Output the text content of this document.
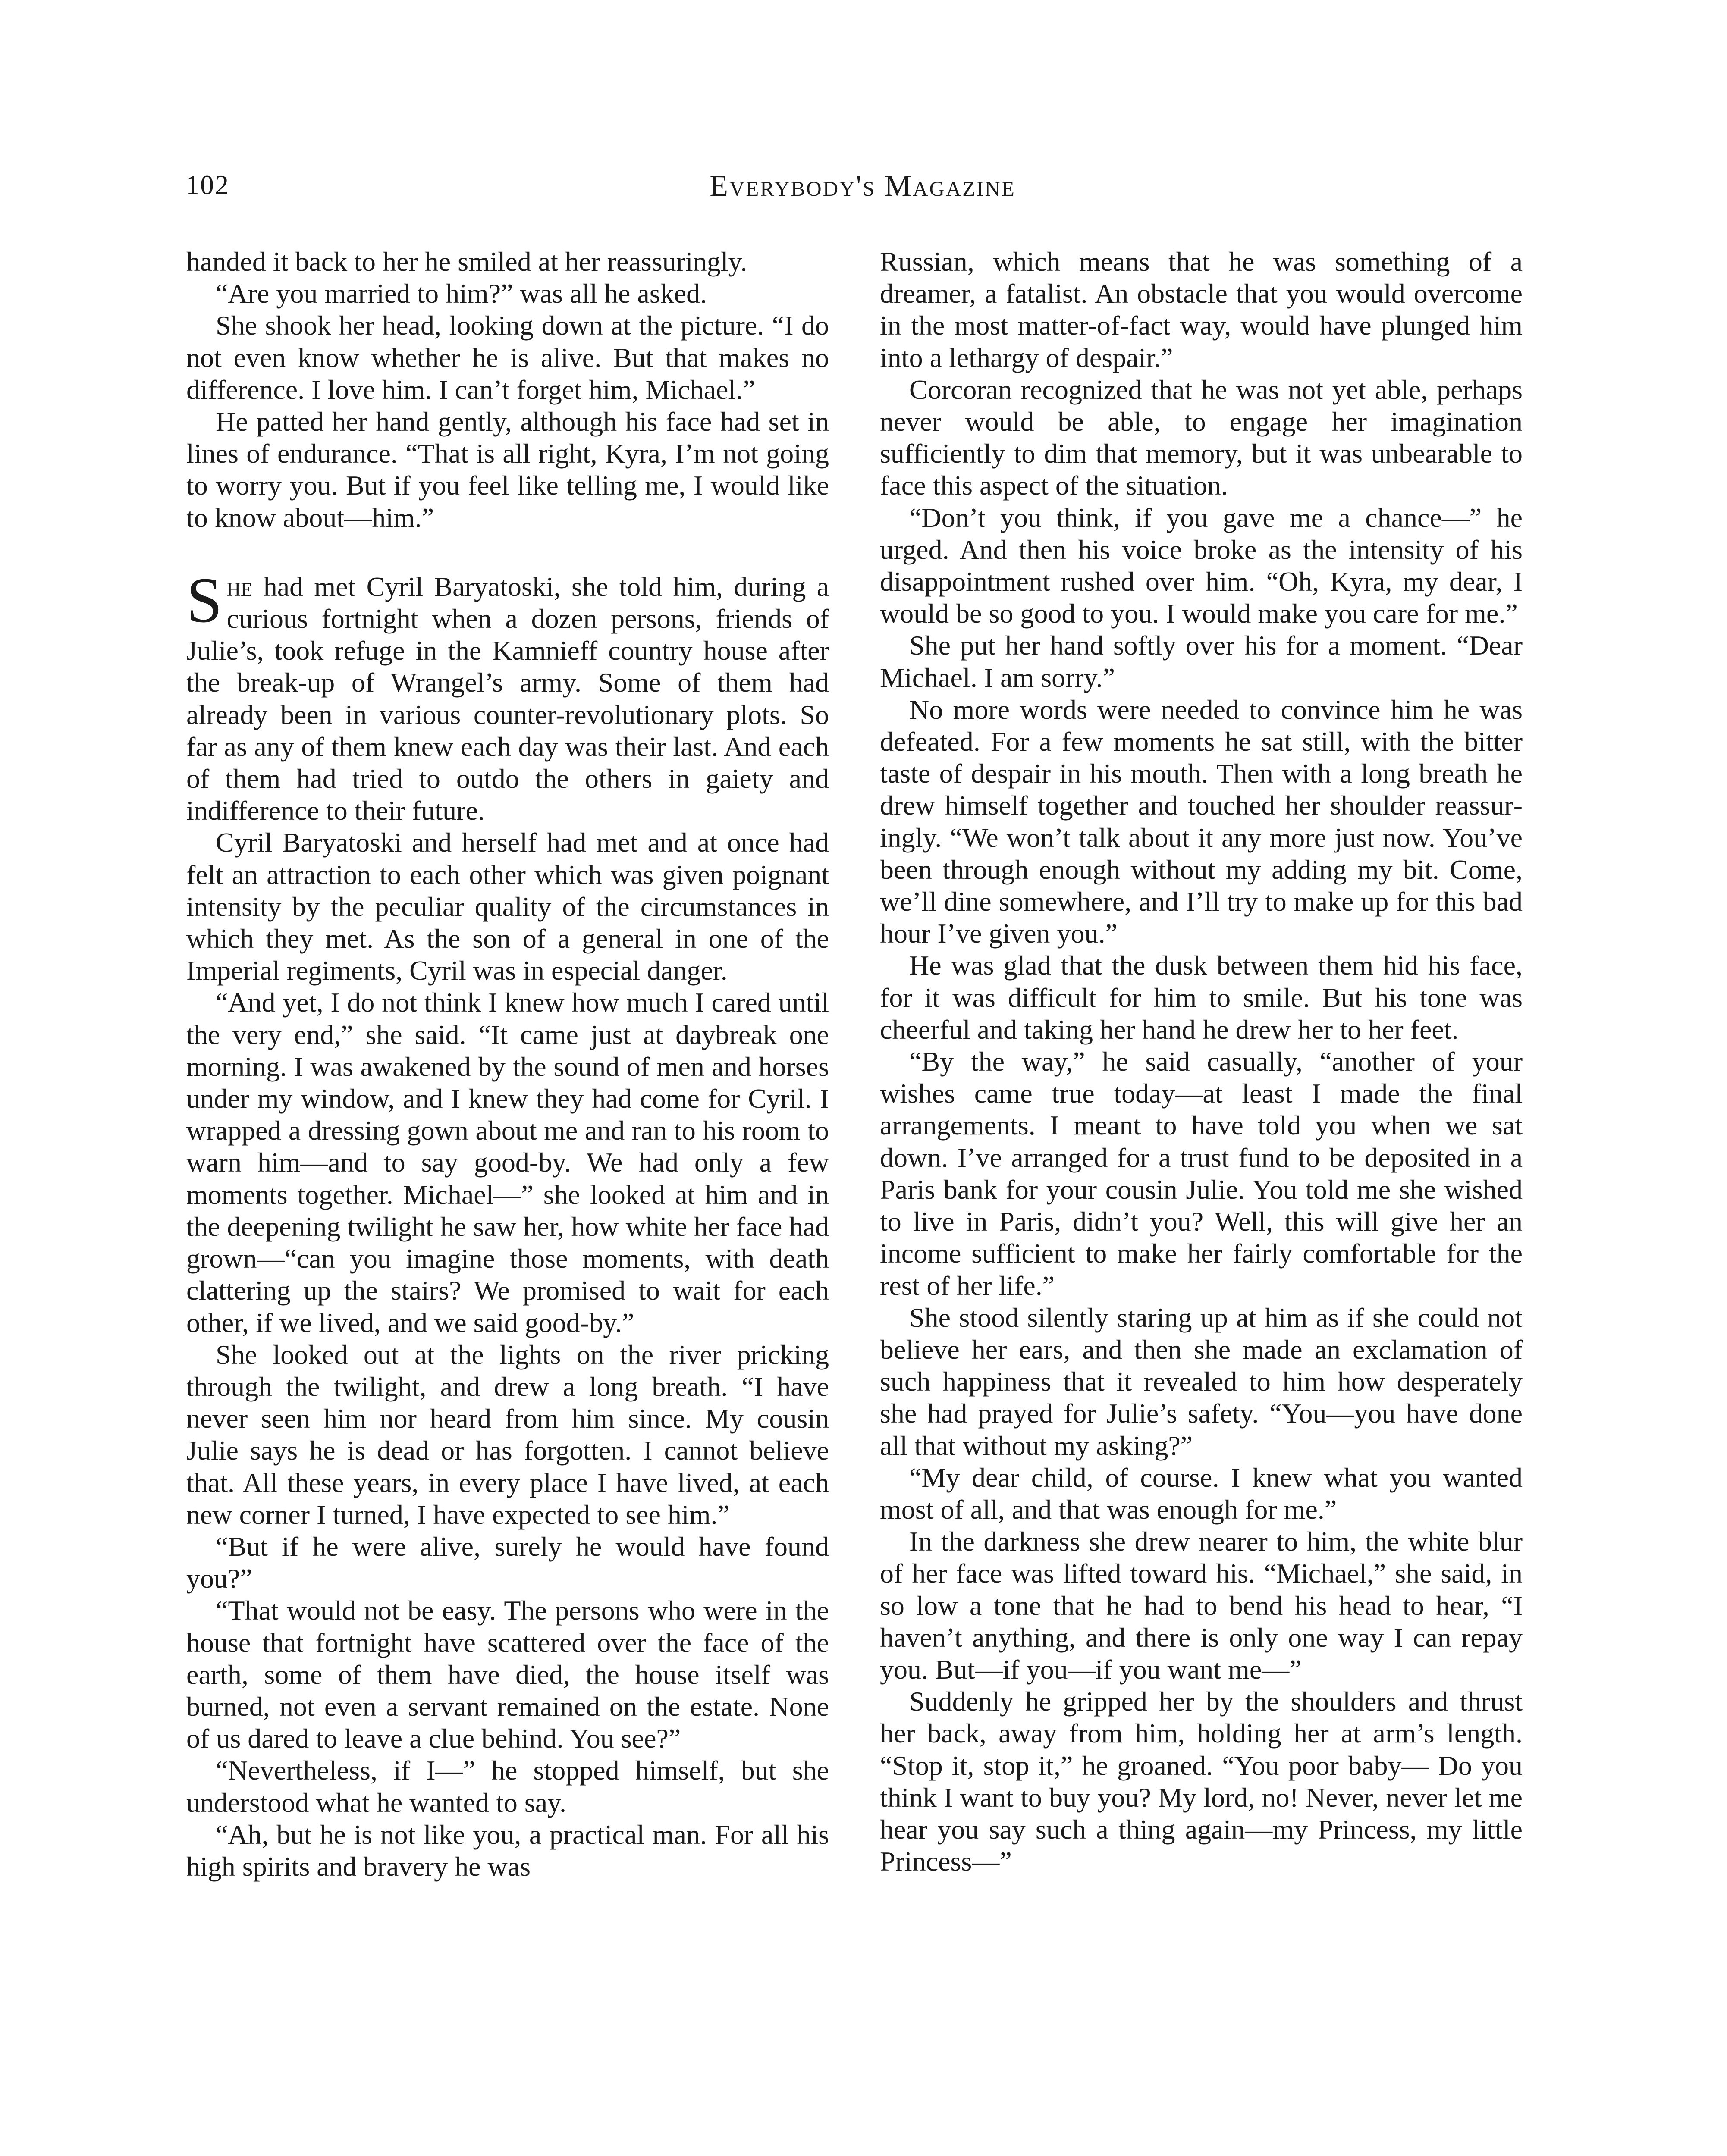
102	Everybody's Magazine

handed it back to her he smiled at her reassuringly.

“Are you married to him?” was all he asked.

She shook her head, looking down at the picture. “I do not even know whether he is alive. But that makes no difference. I love him. I can’t forget him, Michael.”

He patted her hand gently, although his face had set in lines of endurance. “That is all right, Kyra, I’m not going to worry you. But if you feel like telling me, I would like to know about—him.”

She had met Cyril Baryatoski, she told him, during a curious fortnight when a dozen persons, friends of Julie’s, took refuge in the Kamnieff country house after the break-up of Wrangel’s army. Some of them had already been in various counter-revolutionary plots. So far as any of them knew each day was their last. And each of them had tried to outdo the others in gaiety and indifference to their future.

Cyril Baryatoski and herself had met and at once had felt an attraction to each other which was given poignant intensity by the peculiar quality of the circumstances in which they met. As the son of a general in one of the Imperial regiments, Cyril was in especial danger.

“And yet, I do not think I knew how much I cared until the very end,” she said. “It came just at daybreak one morning. I was awakened by the sound of men and horses under my window, and I knew they had come for Cyril. I wrapped a dressing gown about me and ran to his room to warn him—and to say good-by. We had only a few moments together. Michael—” she looked at him and in the deepening twilight he saw her, how white her face had grown—“can you imagine those moments, with death clattering up the stairs? We promised to wait for each other, if we lived, and we said good-by.”

She looked out at the lights on the river pricking through the twilight, and drew a long breath. “I have never seen him nor heard from him since. My cousin Julie says he is dead or has forgotten. I cannot believe that. All these years, in every place I have lived, at each new corner I turned, I have expected to see him.”

“But if he were alive, surely he would have found you?”

“That would not be easy. The persons who were in the house that fortnight have scattered over the face of the earth, some of them have died, the house itself was burned, not even a servant remained on the estate. None of us dared to leave a clue behind. You see?”

“Nevertheless, if I—” he stopped himself, but she understood what he wanted to say.

“Ah, but he is not like you, a practical man. For all his high spirits and bravery he was

Russian, which means that he was something of a dreamer, a fatalist. An obstacle that you would overcome in the most matter-of-fact way, would have plunged him into a lethargy of despair.”

Corcoran recognized that he was not yet able, perhaps never would be able, to engage her imagination sufficiently to dim that memory, but it was unbearable to face this aspect of the situation.

“Don’t you think, if you gave me a chance—” he urged. And then his voice broke as the intensity of his disappointment rushed over him. “Oh, Kyra, my dear, I would be so good to you. I would make you care for me.”

She put her hand softly over his for a moment. “Dear Michael. I am sorry.”

No more words were needed to convince him he was defeated. For a few moments he sat still, with the bitter taste of despair in his mouth. Then with a long breath he drew himself together and touched her shoulder reassuringly. “We won’t talk about it any more just now. You’ve been through enough without my adding my bit. Come, we’ll dine somewhere, and I’ll try to make up for this bad hour I’ve given you.”

He was glad that the dusk between them hid his face, for it was difficult for him to smile. But his tone was cheerful and taking her hand he drew her to her feet.

“By the way,” he said casually, “another of your wishes came true today—at least I made the final arrangements. I meant to have told you when we sat down. I’ve arranged for a trust fund to be deposited in a Paris bank for your cousin Julie. You told me she wished to live in Paris, didn’t you? Well, this will give her an income sufficient to make her fairly comfortable for the rest of her life.”

She stood silently staring up at him as if she could not believe her ears, and then she made an exclamation of such happiness that it revealed to him how desperately she had prayed for Julie’s safety. “You—you have done all that without my asking?”

“My dear child, of course. I knew what you wanted most of all, and that was enough for me.”

In the darkness she drew nearer to him, the white blur of her face was lifted toward his. “Michael,” she said, in so low a tone that he had to bend his head to hear, “I haven’t anything, and there is only one way I can repay you. But—if you—if you want me—”

Suddenly he gripped her by the shoulders and thrust her back, away from him, holding her at arm’s length. “Stop it, stop it,” he groaned. “You poor baby— Do you think I want to buy you? My lord, no! Never, never let me hear you say such a thing again—my Princess, my little Princess—”
